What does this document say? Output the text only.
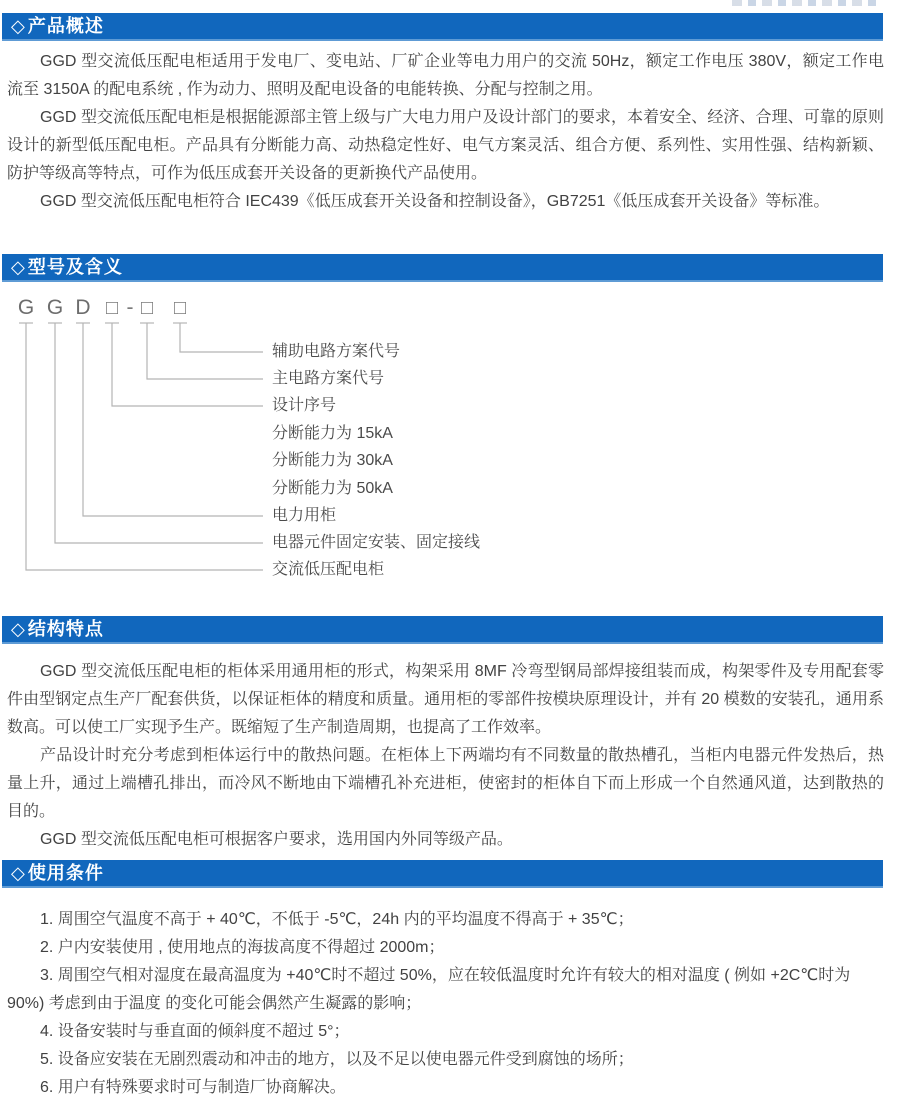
◇ 产品概述

GGD 型交流低压配电柜适用于发电厂、变电站、厂矿企业等电力用户的交流 50Hz，额定工作电压 380V，额定工作电流至 3150A 的配电系统 , 作为动力、照明及配电设备的电能转换、分配与控制之用。

GGD 型交流低压配电柜是根据能源部主管上级与广大电力用户及设计部门的要求，本着安全、经济、合理、可靠的原则设计的新型低压配电柜。产品具有分断能力高、动热稳定性好、电气方案灵活、组合方便、系列性、实用性强、结构新颖、防护等级高等特点，可作为低压成套开关设备的更新换代产品使用。

GGD 型交流低压配电柜符合 IEC439《低压成套开关设备和控制设备》，GB7251《低压成套开关设备》等标准。

◇ 型号及含义
G G D □ - □ □
辅助电路方案代号
主电路方案代号
设计序号
分断能力为 15kA
分断能力为 30kA
分断能力为 50kA
电力用柜
电器元件固定安装、固定接线
交流低压配电柜
◇ 结构特点

GGD 型交流低压配电柜的柜体采用通用柜的形式，构架采用 8MF 冷弯型钢局部焊接组装而成，构架零件及专用配套零件由型钢定点生产厂配套供货，以保证柜体的精度和质量。通用柜的零部件按模块原理设计，并有 20 模数的安装孔，通用系数高。可以使工厂实现予生产。既缩短了生产制造周期，也提高了工作效率。

产品设计时充分考虑到柜体运行中的散热问题。在柜体上下两端均有不同数量的散热槽孔，当柜内电器元件发热后，热量上升，通过上端槽孔排出，而冷风不断地由下端槽孔补充进柜，使密封的柜体自下而上形成一个自然通风道，达到散热的目的。

GGD 型交流低压配电柜可根据客户要求，选用国内外同等级产品。

◇ 使用条件

1. 周围空气温度不高于 + 40℃，不低于 -5℃，24h 内的平均温度不得高于 + 35℃；

2. 户内安装使用 , 使用地点的海拔高度不得超过 2000m；

3. 周围空气相对湿度在最高温度为 +40℃时不超过 50%，应在较低温度时允许有较大的相对温度 ( 例如 +2C℃时为 90%) 考虑到由于温度 的变化可能会偶然产生凝露的影响；

4. 设备安装时与垂直面的倾斜度不超过 5°；

5. 设备应安装在无剧烈震动和冲击的地方，以及不足以使电器元件受到腐蚀的场所；

6. 用户有特殊要求时可与制造厂协商解决。
